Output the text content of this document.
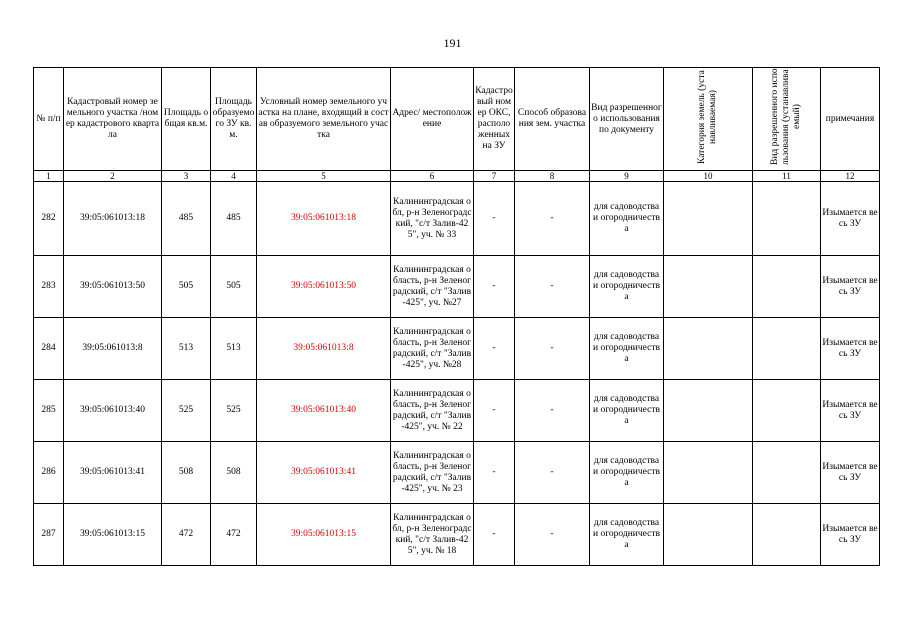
191
№ п/п	Кадастровый номер земельного участка /номер кадастрового квартала	Площадь общая кв.м.	Площадь образуемого ЗУ кв.м.	Условный номер земельного участка на плане, входящий в состав образуемого земельного участка	Адрес/ местоположение	Кадастровый номер ОКС, расположенных на ЗУ	Способ образования зем. участка	Вид разрешенного использования по документу	Категория земель (устанавливаемая)	Вид разрешенного использования (устанавливаемый)	примечания
1	2	3	4	5	6	7	8	9	10	11	12
282	39:05:061013:18	485	485	39:05:061013:18	Калининградская обл, р-н Зеленоградский, "с/т Залив-425", уч. № 33	-	-	для садоводства и огородничества			Изымается весь ЗУ
283	39:05:061013:50	505	505	39:05:061013:50	Калининградская область, р-н Зеленоградский, с/т "Залив-425", уч. №27	-	-	для садоводства и огородничества			Изымается весь ЗУ
284	39:05:061013:8	513	513	39:05:061013:8	Калининградская область, р-н Зеленоградский, с/т "Залив-425", уч. №28	-	-	для садоводства и огородничества			Изымается весь ЗУ
285	39:05:061013:40	525	525	39:05:061013:40	Калининградская область, р-н Зеленоградский, с/т "Залив-425", уч. № 22	-	-	для садоводства и огородничества			Изымается весь ЗУ
286	39:05:061013:41	508	508	39:05:061013:41	Калининградская область, р-н Зеленоградский, с/т "Залив-425", уч. № 23	-	-	для садоводства и огородничества			Изымается весь ЗУ
287	39:05:061013:15	472	472	39:05:061013:15	Калининградская обл, р-н Зеленоградский, "с/т Залив-425", уч. № 18	-	-	для садоводства и огородничества			Изымается весь ЗУ
